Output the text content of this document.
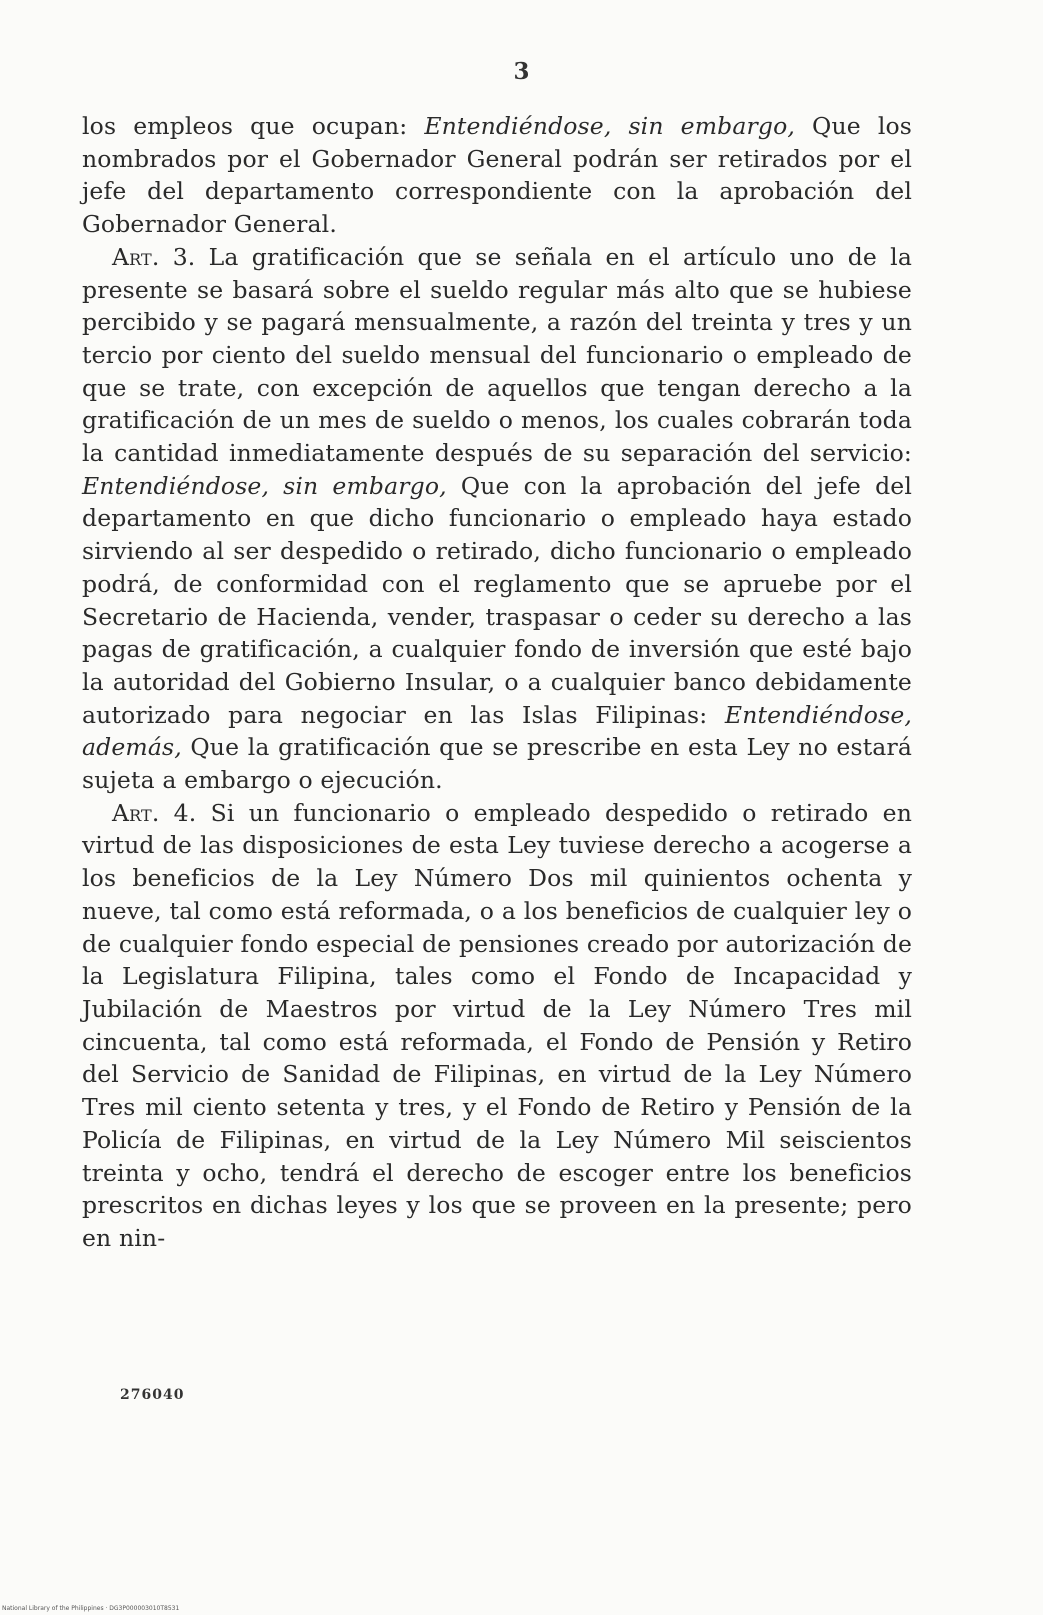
3

los empleos que ocupan: Entendiéndose, sin embargo, Que los nombrados por el Gobernador General podrán ser retirados por el jefe del departamento correspondiente con la aprobación del Gobernador General.

Art. 3. La gratificación que se señala en el artículo uno de la presente se basará sobre el sueldo regular más alto que se hubiese percibido y se pagará mensualmente, a razón del treinta y tres y un tercio por ciento del sueldo mensual del funcionario o empleado de que se trate, con excepción de aquellos que tengan derecho a la gratificación de un mes de sueldo o menos, los cuales cobrarán toda la cantidad inmediatamente después de su separación del servicio: Entendiéndose, sin embargo, Que con la aprobación del jefe del departamento en que dicho funcionario o empleado haya estado sirviendo al ser despedido o retirado, dicho funcionario o empleado podrá, de conformidad con el reglamento que se apruebe por el Secretario de Hacienda, vender, traspasar o ceder su derecho a las pagas de gratificación, a cualquier fondo de inversión que esté bajo la autoridad del Gobierno Insular, o a cualquier banco debidamente autorizado para negociar en las Islas Filipinas: Entendiéndose, además, Que la gratificación que se prescribe en esta Ley no estará sujeta a embargo o ejecución.

Art. 4. Si un funcionario o empleado despedido o retirado en virtud de las disposiciones de esta Ley tuviese derecho a acogerse a los beneficios de la Ley Número Dos mil quinientos ochenta y nueve, tal como está reformada, o a los beneficios de cualquier ley o de cualquier fondo especial de pensiones creado por autorización de la Legislatura Filipina, tales como el Fondo de Incapacidad y Jubilación de Maestros por virtud de la Ley Número Tres mil cincuenta, tal como está reformada, el Fondo de Pensión y Retiro del Servicio de Sanidad de Filipinas, en virtud de la Ley Número Tres mil ciento setenta y tres, y el Fondo de Retiro y Pensión de la Policía de Filipinas, en virtud de la Ley Número Mil seiscientos treinta y ocho, tendrá el derecho de escoger entre los beneficios prescritos en dichas leyes y los que se proveen en la presente; pero en nin-

276040
National Library of the Philippines · DG3P000003010T8531
